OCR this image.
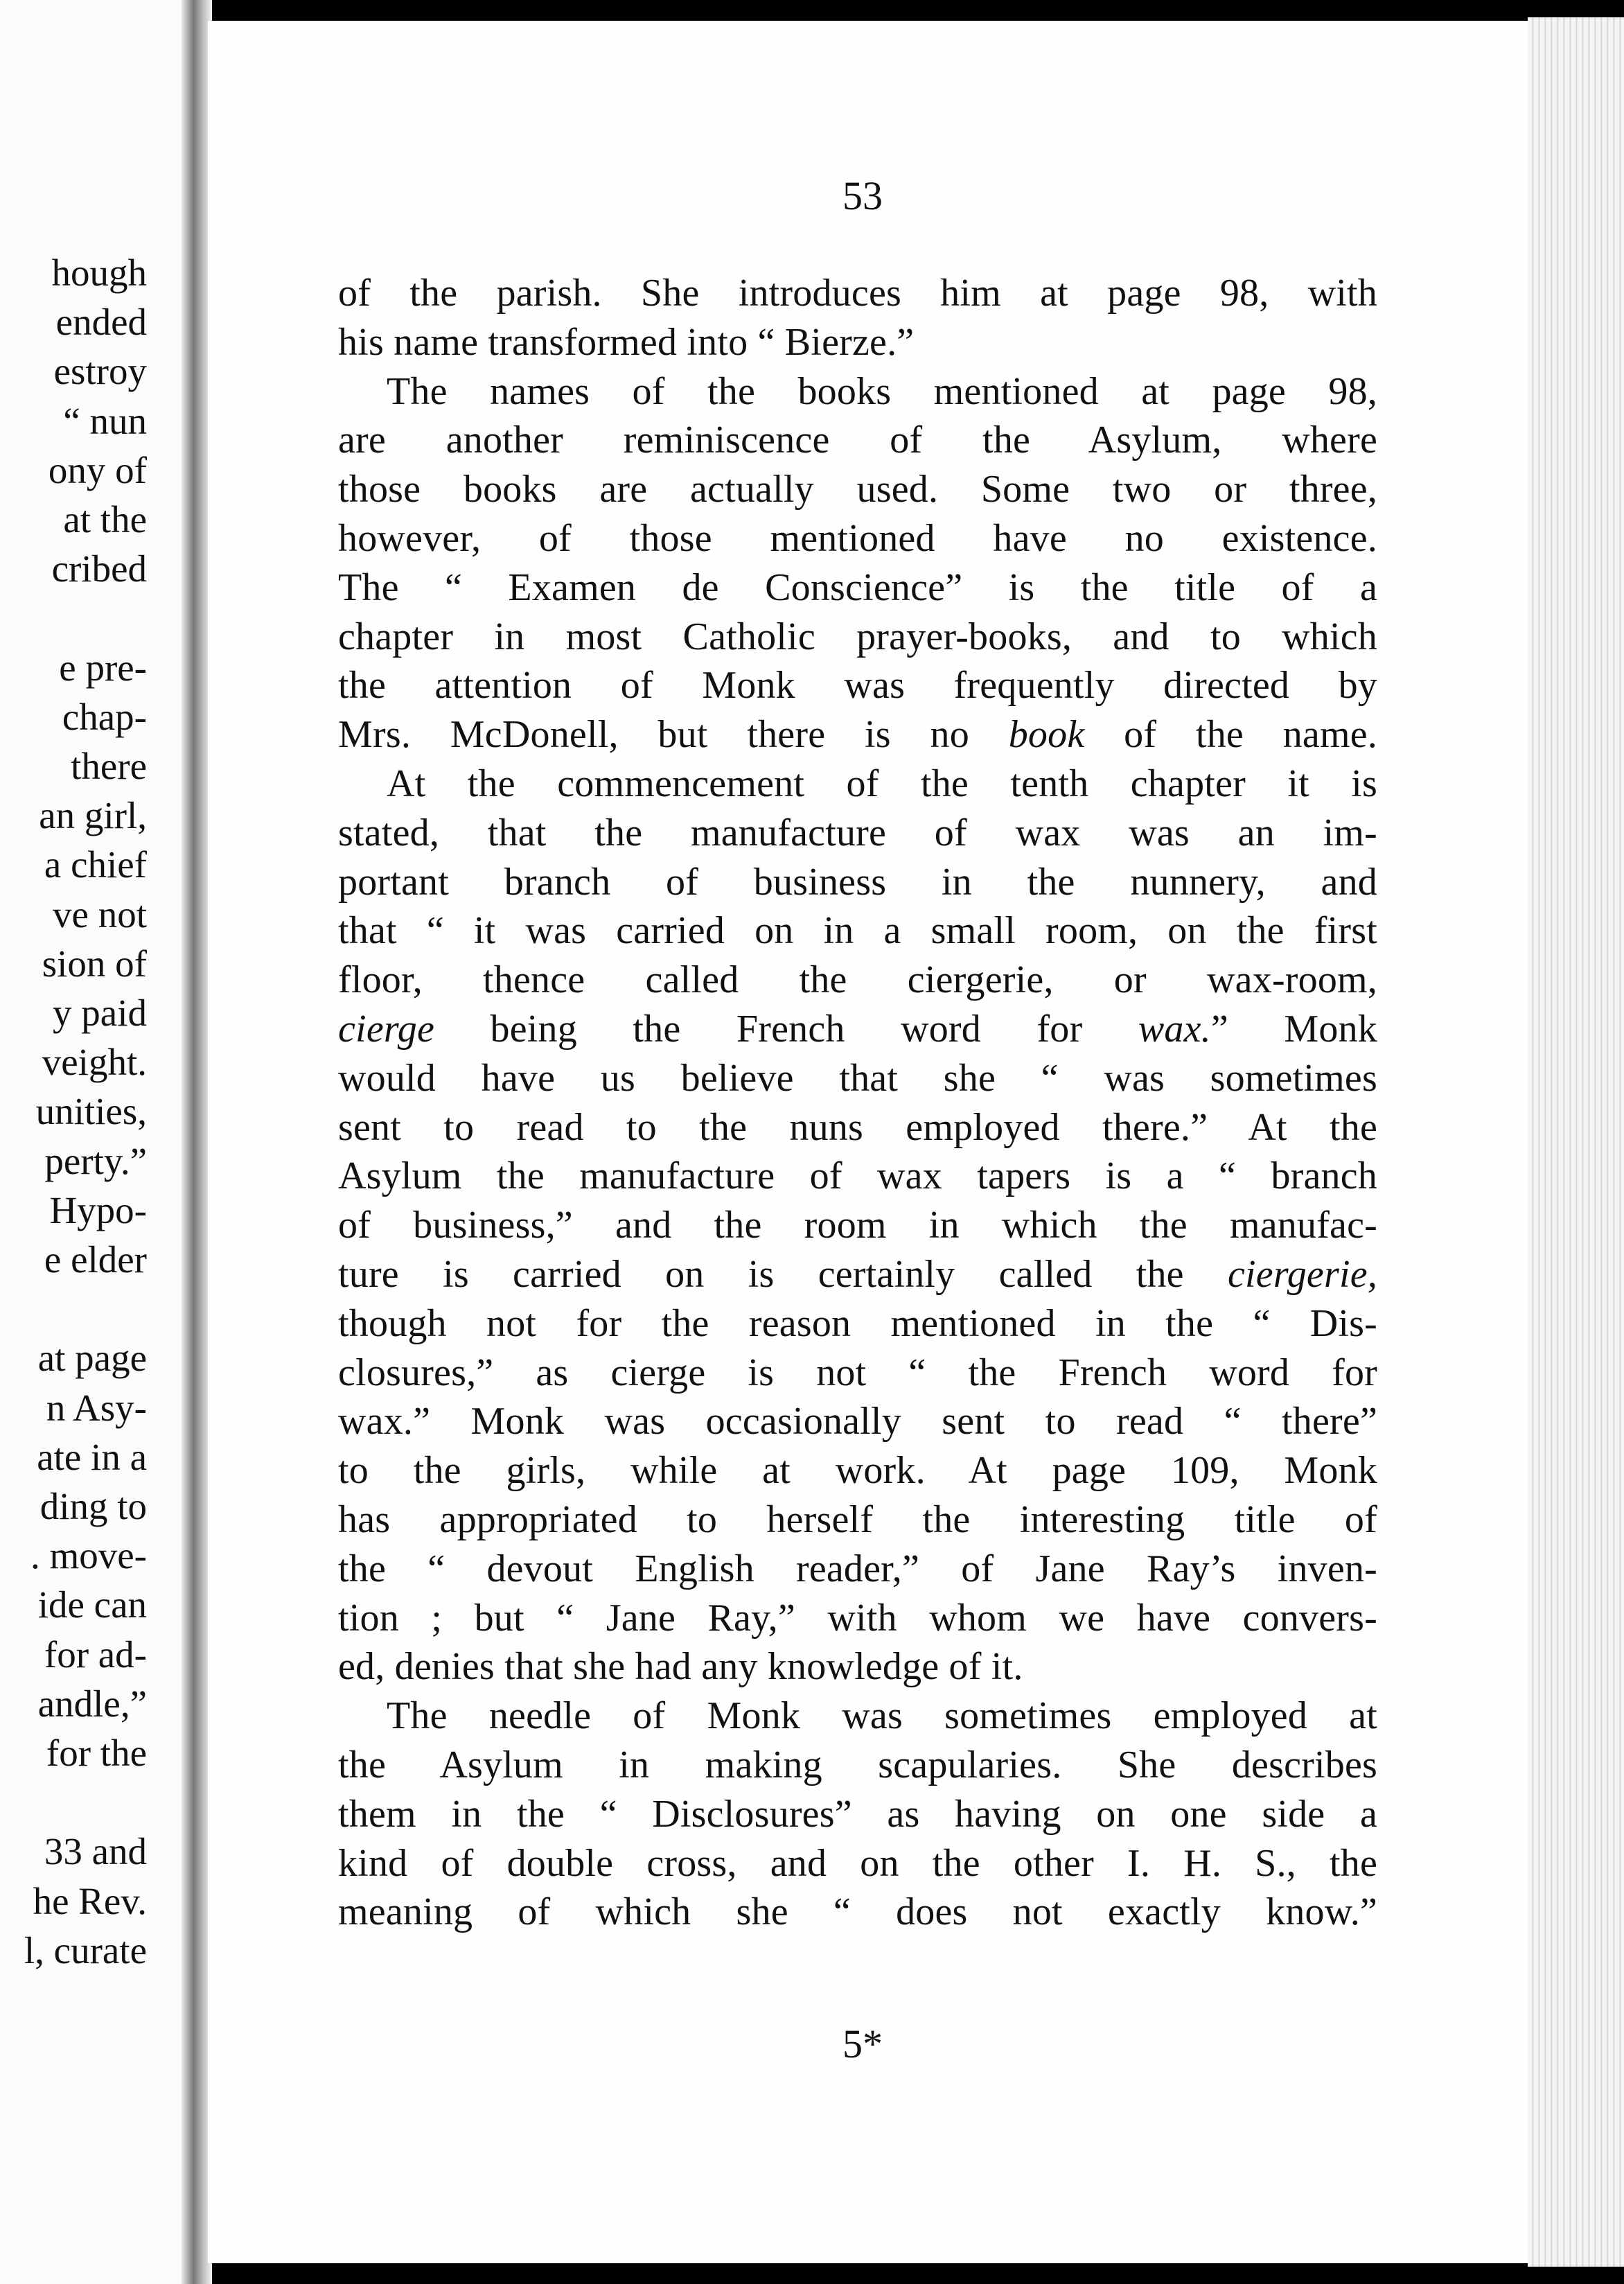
hough
ended
estroy
“ nun
ony of
at the
cribed
e pre-
chap-
there
an girl,
a chief
ve not
sion of
y paid
veight.
unities,
perty.”
Hypo-
e elder
at page
n Asy-
ate in a
ding to
. move-
ide can
for ad-
andle,”
for the
33 and
he Rev.
l, curate
53
of the parish. She introduces him at page 98, with
his name transformed into “ Bierze.”
The names of the books mentioned at page 98,
are another reminiscence of the Asylum, where
those books are actually used. Some two or three,
however, of those mentioned have no existence.
The “ Examen de Conscience” is the title of a
chapter in most Catholic prayer-books, and to which
the attention of Monk was frequently directed by
Mrs. McDonell, but there is no book of the name.
At the commencement of the tenth chapter it is
stated, that the manufacture of wax was an im-
portant branch of business in the nunnery, and
that “ it was carried on in a small room, on the first
floor, thence called the ciergerie, or wax-room,
cierge being the French word for wax.” Monk
would have us believe that she “ was sometimes
sent to read to the nuns employed there.” At the
Asylum the manufacture of wax tapers is a “ branch
of business,” and the room in which the manufac-
ture is carried on is certainly called the ciergerie,
though not for the reason mentioned in the “ Dis-
closures,” as cierge is not “ the French word for
wax.” Monk was occasionally sent to read “ there”
to the girls, while at work. At page 109, Monk
has appropriated to herself the interesting title of
the “ devout English reader,” of Jane Ray’s inven-
tion ; but “ Jane Ray,” with whom we have convers-
ed, denies that she had any knowledge of it.
The needle of Monk was sometimes employed at
the Asylum in making scapularies. She describes
them in the “ Disclosures” as having on one side a
kind of double cross, and on the other I. H. S., the
meaning of which she “ does not exactly know.”
5*
